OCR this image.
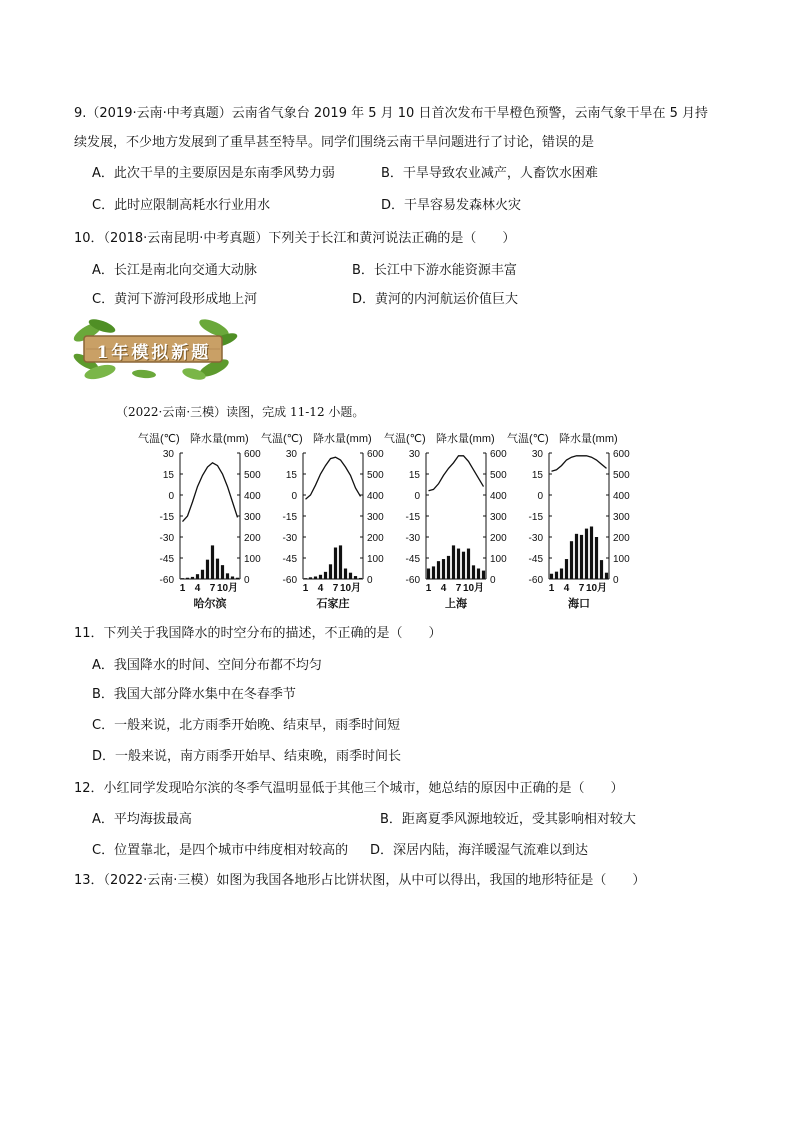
9.（2019·云南·中考真题）云南省气象台 2019 年 5 月 10 日首次发布干旱橙色预警，云南气象干旱在 5 月持
续发展，不少地方发展到了重旱甚至特旱。同学们围绕云南干旱问题进行了讨论，错误的是
A．此次干旱的主要原因是东南季风势力弱	B．干旱导致农业减产，人畜饮水困难
C．此时应限制高耗水行业用水	D．干旱容易发森林火灾
10．（2018·云南昆明·中考真题）下列关于长江和黄河说法正确的是（　　）
A．长江是南北向交通大动脉	B．长江中下游水能资源丰富
C．黄河下游河段形成地上河	D．黄河的内河航运价值巨大
1年模拟新题
（2022·云南·三模）读图，完成 11-12 小题。
气温(℃) 降水量(mm)
30
15
0
-15
-30
-45
-60
600
500
400
300
200
100
0
1 4 7 10月
哈尔滨
气温(℃) 降水量(mm)
30
15
0
-15
-30
-45
-60
600
500
400
300
200
100
0
1 4 7 10月
石家庄
气温(℃) 降水量(mm)
30
15
0
-15
-30
-45
-60
600
500
400
300
200
100
0
1 4 7 10月
上海
气温(℃) 降水量(mm)
30
15
0
-15
-30
-45
-60
600
500
400
300
200
100
0
1 4 7 10月
海口
11．下列关于我国降水的时空分布的描述，不正确的是（　　）
A．我国降水的时间、空间分布都不均匀
B．我国大部分降水集中在冬春季节
C．一般来说，北方雨季开始晚、结束早，雨季时间短
D．一般来说，南方雨季开始早、结束晚，雨季时间长
12．小红同学发现哈尔滨的冬季气温明显低于其他三个城市，她总结的原因中正确的是（　　）
A．平均海拔最高	B．距离夏季风源地较近，受其影响相对较大
C．位置靠北，是四个城市中纬度相对较高的 D．深居内陆，海洋暖湿气流难以到达
13．（2022·云南·三模）如图为我国各地形占比饼状图，从中可以得出，我国的地形特征是（　　）
